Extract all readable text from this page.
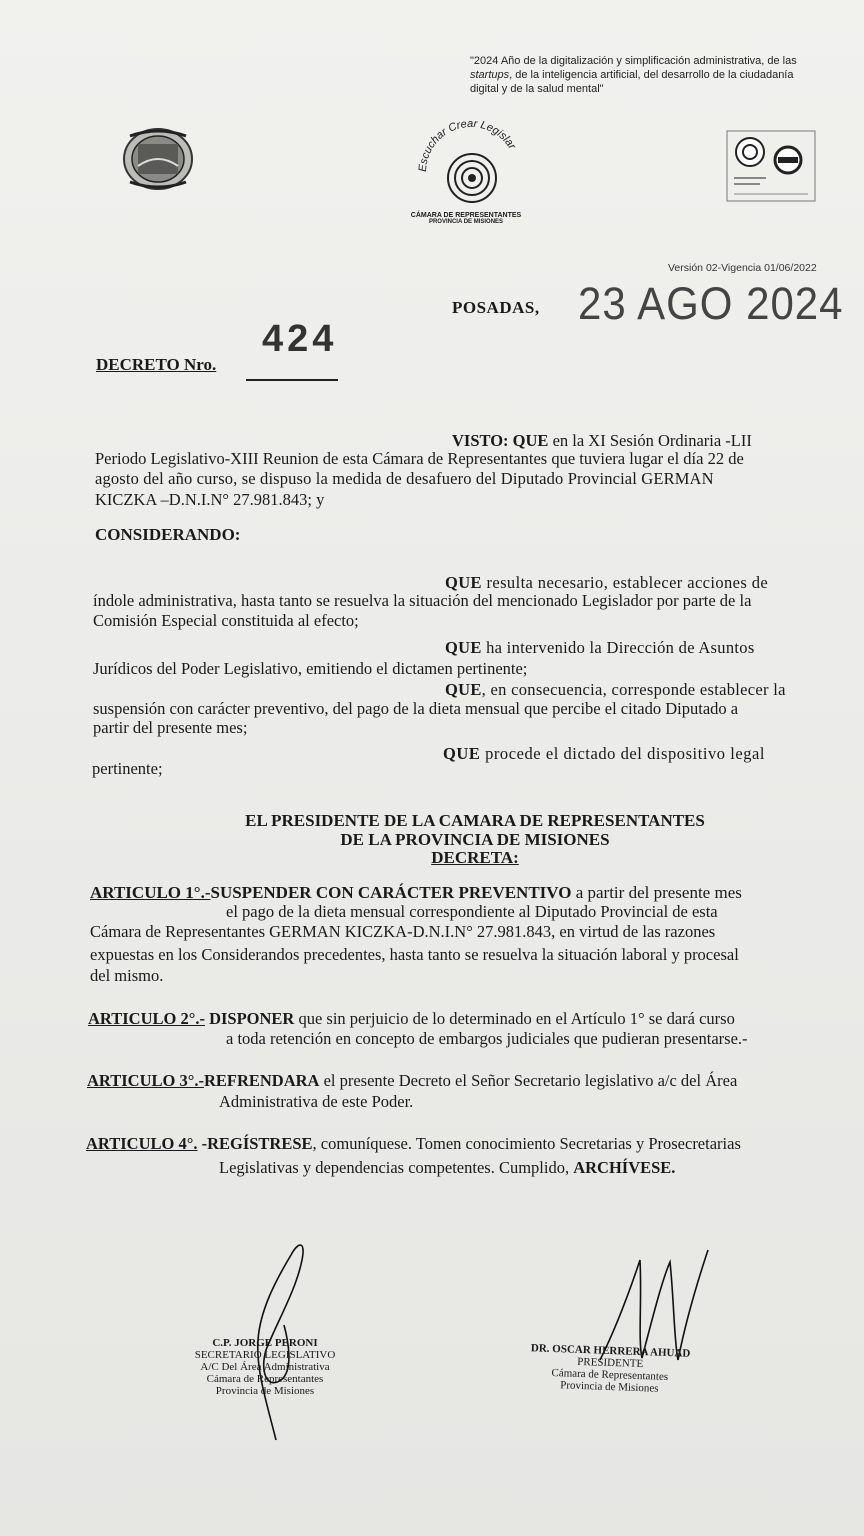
"2024 Año de la digitalización y simplificación administrativa, de las
startups, de la inteligencia artificial, del desarrollo de la ciudadanía
digital y de la salud mental"
Escuchar Crear Legislar
CÁMARA DE REPRESENTANTES
PROVINCIA DE MISIONES
Versión 02-Vigencia 01/06/2022
POSADAS, 23 AGO 2024
424
DECRETO Nro.
VISTO: QUE en la XI Sesión Ordinaria -LII
Periodo Legislativo-XIII Reunion de esta Cámara de Representantes que tuviera lugar el día 22 de
agosto del año curso, se dispuso la medida de desafuero del Diputado Provincial GERMAN
KICZKA –D.N.I.N° 27.981.843; y
CONSIDERANDO:
QUE resulta necesario, establecer acciones de
índole administrativa, hasta tanto se resuelva la situación del mencionado Legislador por parte de la
Comisión Especial constituida al efecto;
QUE ha intervenido la Dirección de Asuntos
Jurídicos del Poder Legislativo, emitiendo el dictamen pertinente;
QUE, en consecuencia, corresponde establecer la
suspensión con carácter preventivo, del pago de la dieta mensual que percibe el citado Diputado a
partir del presente mes;
QUE procede el dictado del dispositivo legal
pertinente;
EL PRESIDENTE DE LA CAMARA DE REPRESENTANTES
DE LA PROVINCIA DE MISIONES
DECRETA:
ARTICULO 1°.-SUSPENDER CON CARÁCTER PREVENTIVO a partir del presente mes
el pago de la dieta mensual correspondiente al Diputado Provincial de esta
Cámara de Representantes GERMAN KICZKA-D.N.I.N° 27.981.843, en virtud de las razones
expuestas en los Considerandos precedentes, hasta tanto se resuelva la situación laboral y procesal
del mismo.
ARTICULO 2°.- DISPONER que sin perjuicio de lo determinado en el Artículo 1° se dará curso
a toda retención en concepto de embargos judiciales que pudieran presentarse.-
ARTICULO 3°.-REFRENDARA el presente Decreto el Señor Secretario legislativo a/c del Área
Administrativa de este Poder.
ARTICULO 4°. -REGÍSTRESE, comuníquese. Tomen conocimiento Secretarias y Prosecretarias
Legislativas y dependencias competentes. Cumplido, ARCHÍVESE.
C.P. JORGE PERONI
SECRETARIO LEGISLATIVO
A/C Del Área Administrativa
Cámara de Representantes
Provincia de Misiones
DR. OSCAR HERRERA AHUAD
PRESIDENTE
Cámara de Representantes
Provincia de Misiones
